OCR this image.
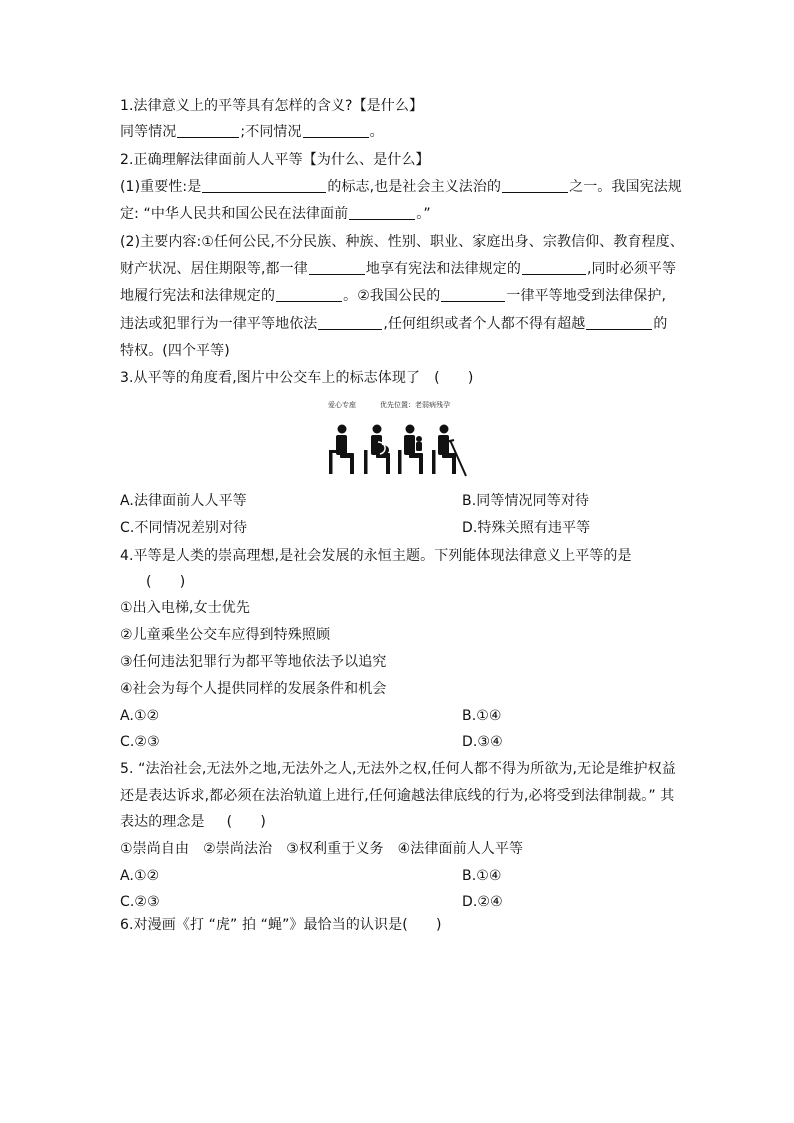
1.法律意义上的平等具有怎样的含义?【是什么】
同等情况	;不同情况	。
2.正确理解法律面前人人平等【为什么、是什么】
(1)重要性:是	的标志,也是社会主义法治的	之一。我国宪法规
定: “中华人民共和国公民在法律面前	。”
(2)主要内容:①任何公民,不分民族、种族、性别、职业、家庭出身、宗教信仰、教育程度、
财产状况、居住期限等,都一律	地享有宪法和法律规定的	,同时必须平等
地履行宪法和法律规定的	。②我国公民的	一律平等地受到法律保护,
违法或犯罪行为一律平等地依法	,任何组织或者个人都不得有超越	的
特权。(四个平等)
3.从平等的角度看,图片中公交车上的标志体现了 (　　)
爱心专座	优先位置：老弱病残孕
A.法律面前人人平等	B.同等情况同等对待
C.不同情况差别对待	D.特殊关照有违平等
4.平等是人类的崇高理想,是社会发展的永恒主题。下列能体现法律意义上平等的是
(　　)
①出入电梯,女士优先
②儿童乘坐公交车应得到特殊照顾
③任何违法犯罪行为都平等地依法予以追究
④社会为每个人提供同样的发展条件和机会
A.①②	B.①④
C.②③	D.③④
5. “法治社会,无法外之地,无法外之人,无法外之权,任何人都不得为所欲为,无论是维护权益
还是表达诉求,都必须在法治轨道上进行,任何逾越法律底线的行为,必将受到法律制裁。” 其
表达的理念是 (　　)
①崇尚自由　②崇尚法治　③权利重于义务　④法律面前人人平等
A.①②	B.①④
C.②③	D.②④
6.对漫画《打 “虎” 拍 “蝇”》最恰当的认识是(　　)
